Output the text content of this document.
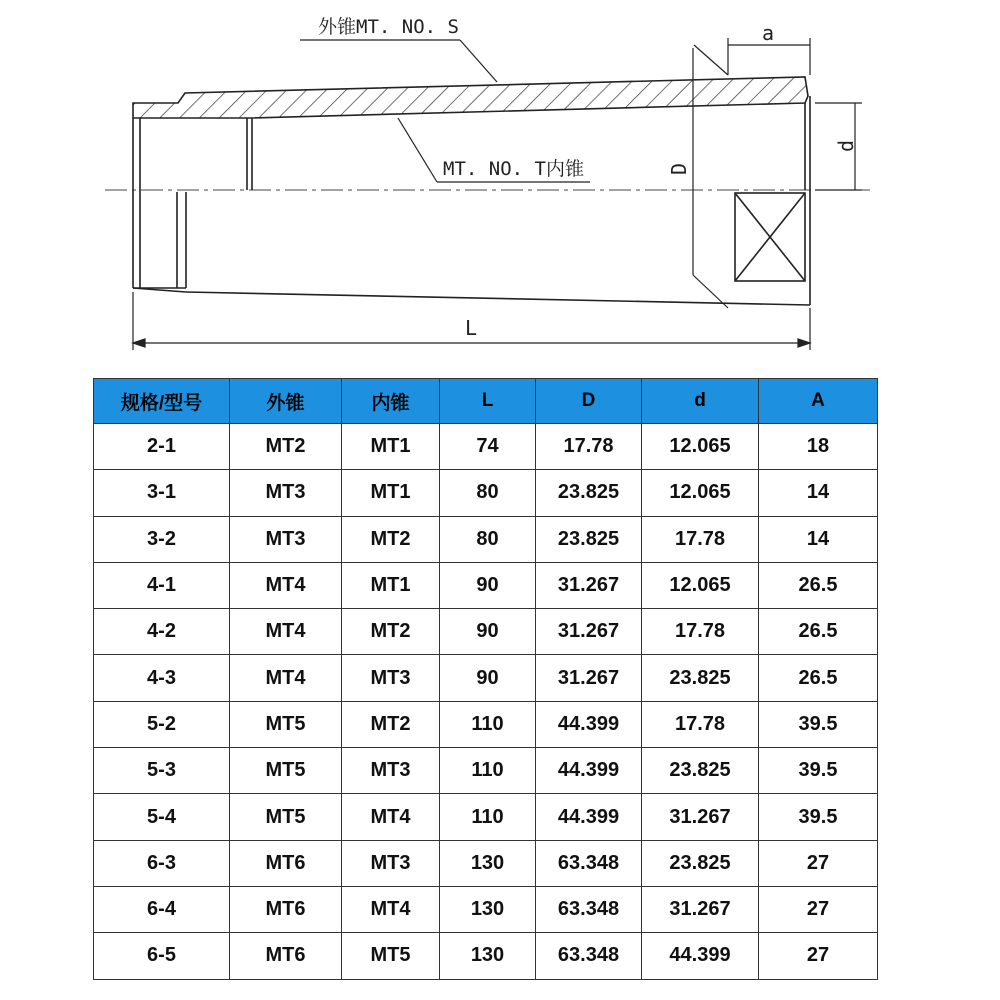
外锥MT. NO. S
MT. NO. T内锥
a
D
d
L
规格/型号	外锥	内锥	L	D	d	A
2-1	MT2	MT1	74	17.78	12.065	18
3-1	MT3	MT1	80	23.825	12.065	14
3-2	MT3	MT2	80	23.825	17.78	14
4-1	MT4	MT1	90	31.267	12.065	26.5
4-2	MT4	MT2	90	31.267	17.78	26.5
4-3	MT4	MT3	90	31.267	23.825	26.5
5-2	MT5	MT2	110	44.399	17.78	39.5
5-3	MT5	MT3	110	44.399	23.825	39.5
5-4	MT5	MT4	110	44.399	31.267	39.5
6-3	MT6	MT3	130	63.348	23.825	27
6-4	MT6	MT4	130	63.348	31.267	27
6-5	MT6	MT5	130	63.348	44.399	27
